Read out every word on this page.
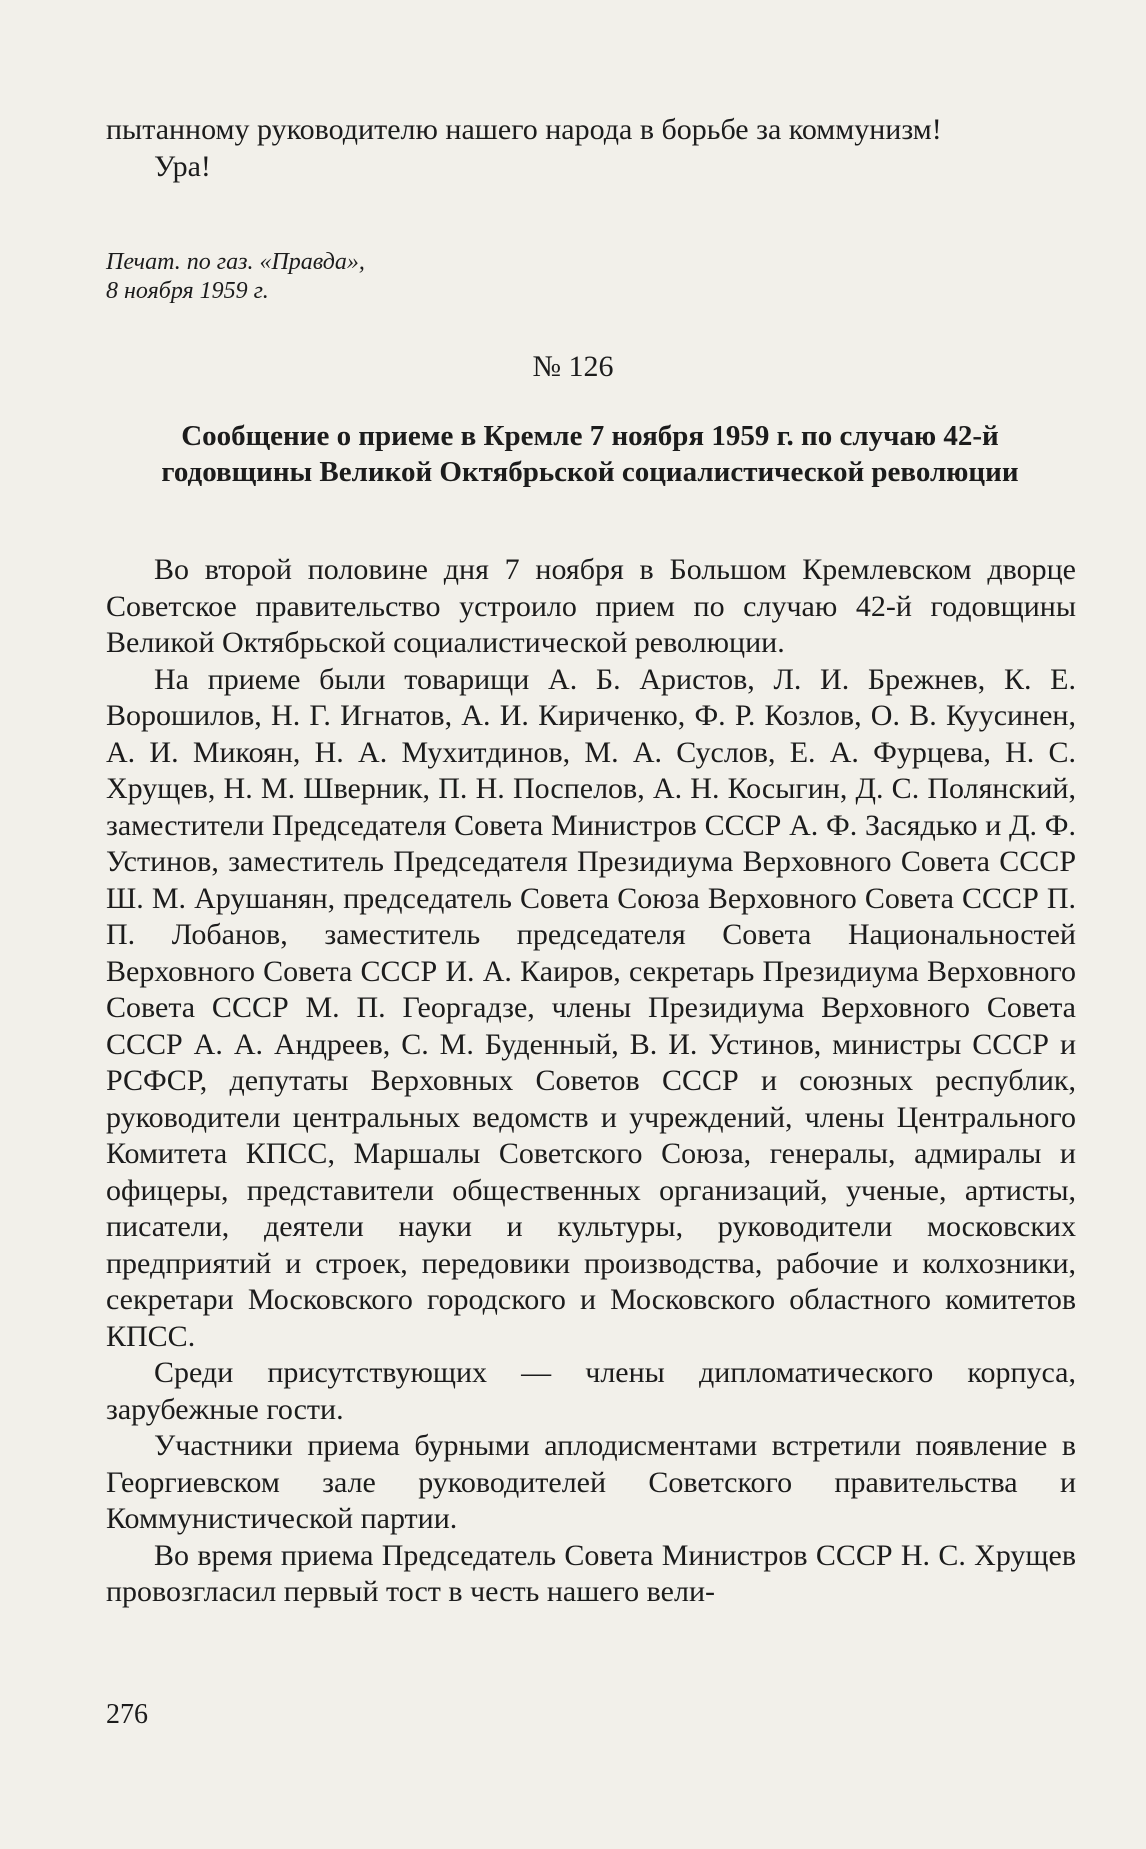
пытанному руководителю нашего народа в борьбе за коммунизм!

Ура!

Печат. по газ. «Правда»,
8 ноября 1959 г.
№ 126
Сообщение о приеме в Кремле 7 ноября 1959 г. по случаю 42-й годовщины Великой Октябрьской социалистической революции

Во второй половине дня 7 ноября в Большом Кремлевском дворце Советское правительство устроило прием по случаю 42-й годовщины Великой Октябрьской социалистической революции.

На приеме были товарищи А. Б. Аристов, Л. И. Брежнев, К. Е. Ворошилов, Н. Г. Игнатов, А. И. Кириченко, Ф. Р. Козлов, О. В. Куусинен, А. И. Микоян, Н. А. Мухитдинов, М. А. Суслов, Е. А. Фурцева, Н. С. Хрущев, Н. М. Шверник, П. Н. Поспелов, А. Н. Косыгин, Д. С. Полянский, заместители Председателя Совета Министров СССР А. Ф. Засядько и Д. Ф. Устинов, заместитель Председателя Президиума Верховного Совета СССР Ш. М. Арушанян, председатель Совета Союза Верховного Совета СССР П. П. Лобанов, заместитель председателя Совета Национальностей Верховного Совета СССР И. А. Каиров, секретарь Президиума Верховного Совета СССР М. П. Георгадзе, члены Президиума Верховного Совета СССР А. А. Андреев, С. М. Буденный, В. И. Устинов, министры СССР и РСФСР, депутаты Верховных Советов СССР и союзных республик, руководители центральных ведомств и учреждений, члены Центрального Комитета КПСС, Маршалы Советского Союза, генералы, адмиралы и офицеры, представители общественных организаций, ученые, артисты, писатели, деятели науки и культуры, руководители московских предприятий и строек, передовики производства, рабочие и колхозники, секретари Московского городского и Московского областного комитетов КПСС.

Среди присутствующих — члены дипломатического корпуса, зарубежные гости.

Участники приема бурными аплодисментами встретили появление в Георгиевском зале руководителей Советского правительства и Коммунистической партии.

Во время приема Председатель Совета Министров СССР Н. С. Хрущев провозгласил первый тост в честь нашего вели-

276
